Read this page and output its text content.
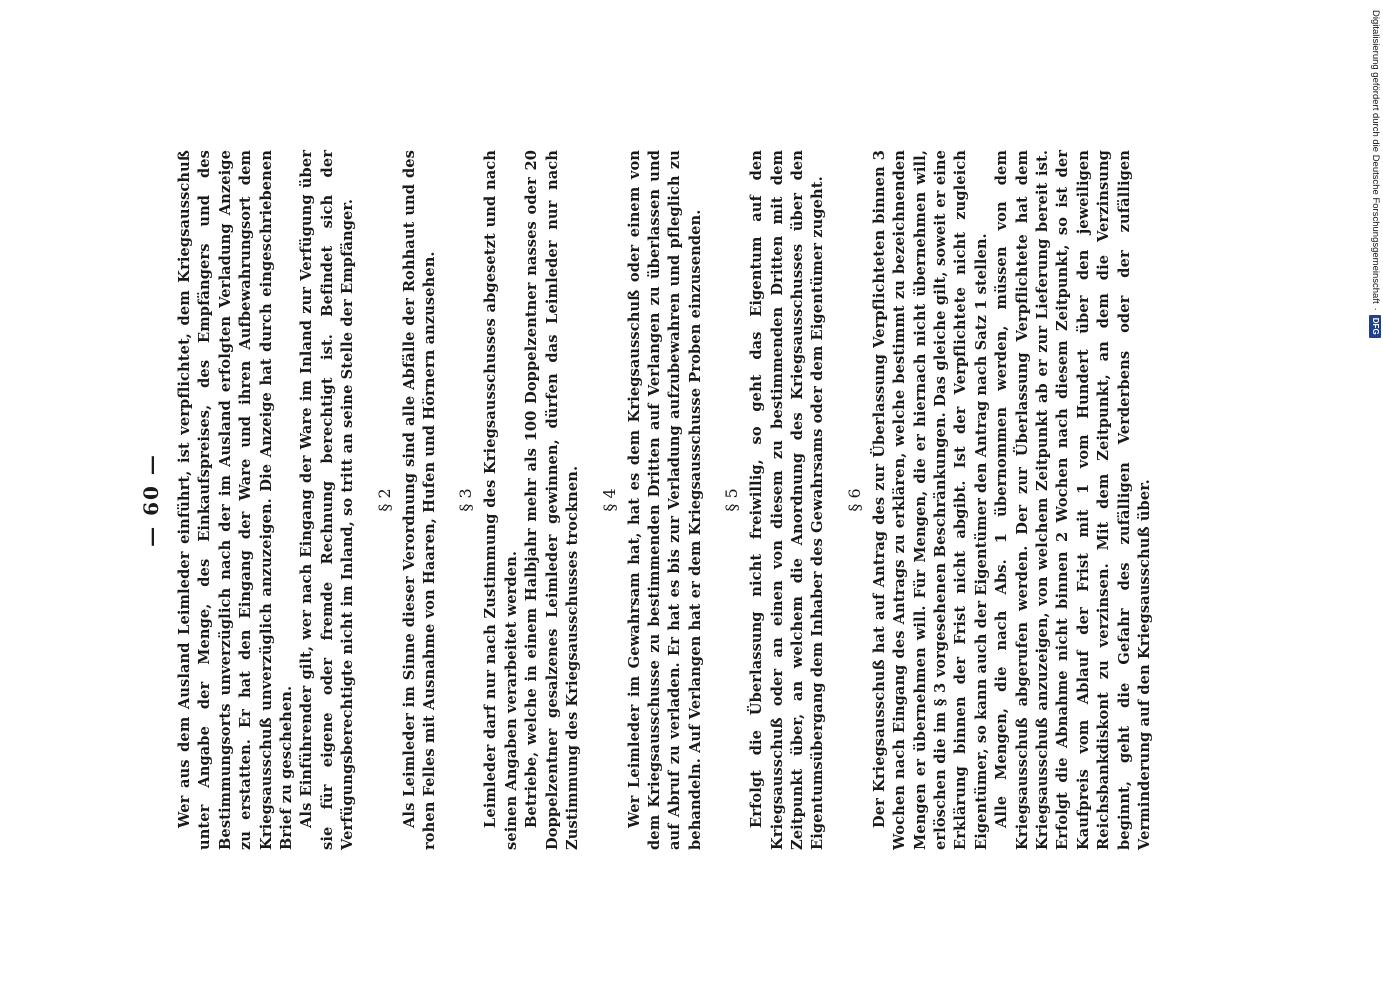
— 60 — Wer aus dem Ausland Leimleder einführt, ist verpflichtet, dem Kriegsausschuß unter Angabe der Menge, des Einkaufspreises, des Empfängers und des Bestimmungsorts unverzüglich nach der im Ausland erfolgten Verladung Anzeige zu erstatten. Er hat den Eingang der Ware und ihren Aufbewahrungsort dem Kriegsausschuß unverzüglich anzuzeigen. Die Anzeige hat durch eingeschriebenen Brief zu geschehen. Als Einführender gilt, wer nach Eingang der Ware im Inland zur Verfügung über sie für eigene oder fremde Rechnung berechtigt ist. Befindet sich der Verfügungsberechtigte nicht im Inland, so tritt an seine Stelle der Empfänger. § 2 Als Leimleder im Sinne dieser Verordnung sind alle Abfälle der Rohhaut und des rohen Felles mit Ausnahme von Haaren, Hufen und Hörnern anzusehen. § 3 Leimleder darf nur nach Zustimmung des Kriegsausschusses abgesetzt und nach seinen Angaben verarbeitet werden. Betriebe, welche in einem Halbjahr mehr als 100 Doppelzentner nasses oder 20 Doppelzentner gesalzenes Leimleder gewinnen, dürfen das Leimleder nur nach Zustimmung des Kriegsausschusses trocknen. § 4 Wer Leimleder im Gewahrsam hat, hat es dem Kriegsausschuß oder einem von dem Kriegsausschusse zu bestimmenden Dritten auf Verlangen zu überlassen und auf Abruf zu verladen. Er hat es bis zur Verladung aufzubewahren und pfleglich zu behandeln. Auf Verlangen hat er dem Kriegsausschusse Proben einzusenden. § 5 Erfolgt die Überlassung nicht freiwillig, so geht das Eigentum auf den Kriegsausschuß oder an einen von diesem zu bestimmenden Dritten mit dem Zeitpunkt über, an welchem die Anordnung des Kriegsausschusses über den Eigentumsübergang dem Inhaber des Gewahrsams oder dem Eigentümer zugeht. § 6 Der Kriegsausschuß hat auf Antrag des zur Überlassung Verpflichteten binnen 3 Wochen nach Eingang des Antrags zu erklären, welche bestimmt zu bezeichnenden Mengen er übernehmen will. Für Mengen, die er hiernach nicht übernehmen will, erlöschen die im § 3 vorgesehenen Beschränkungen. Das gleiche gilt, soweit er eine Erklärung binnen der Frist nicht abgibt. Ist der Verpflichtete nicht zugleich Eigentümer, so kann auch der Eigentümer den Antrag nach Satz 1 stellen. Alle Mengen, die nach Abs. 1 übernommen werden, müssen von dem Kriegsausschuß abgerufen werden. Der zur Überlassung Verpflichtete hat dem Kriegsausschuß anzuzeigen, von welchem Zeitpunkt ab er zur Lieferung bereit ist. Erfolgt die Abnahme nicht binnen 2 Wochen nach diesem Zeitpunkt, so ist der Kaufpreis vom Ablauf der Frist mit 1 vom Hundert über den jeweiligen Reichsbankdiskont zu verzinsen. Mit dem Zeitpunkt, an dem die Verzinsung beginnt, geht die Gefahr des zufälligen Verderbens oder der zufälligen Verminderung auf den Kriegsausschuß über.
Digitalisierung gefördert durch die Deutsche Forschungsgemeinschaft
·
DFG
